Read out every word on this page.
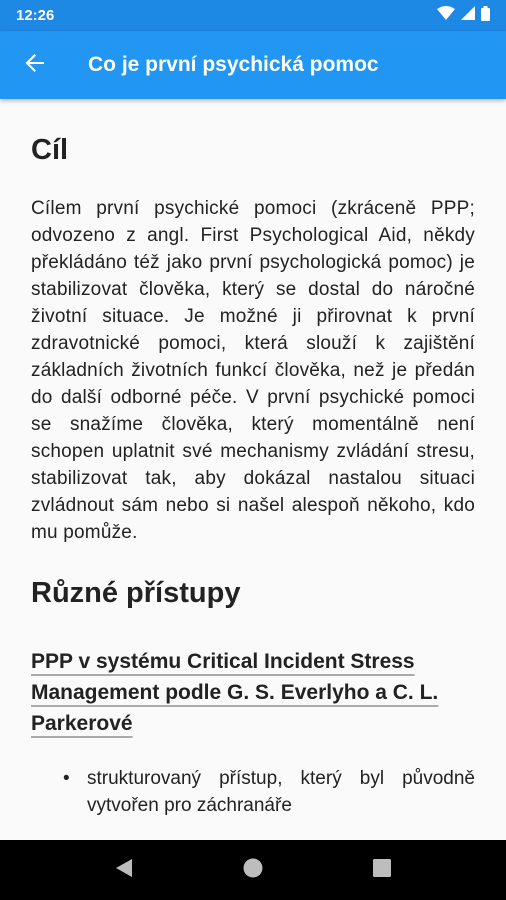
12:26
Co je první psychická pomoc
Cíl

Cílem první psychické pomoci (zkráceně PPP; odvozeno z angl. First Psychological Aid, někdy překládáno též jako první psychologická pomoc) je stabilizovat člověka, který se dostal do náročné životní situace. Je možné ji přirovnat k první zdravotnické pomoci, která slouží k zajištění základních životních funkcí člověka, než je předán do další odborné péče. V první psychické pomoci se snažíme člověka, který momentálně není schopen uplatnit své mechanismy zvládání stresu, stabilizovat tak, aby dokázal nastalou situaci zvládnout sám nebo si našel alespoň někoho, kdo mu pomůže.

Různé přístupy
PPP v systému Critical Incident Stress Management podle G. S. Everlyho a C. L. Parkerové
• strukturovaný přístup, který byl původně vytvořen pro záchranáře
